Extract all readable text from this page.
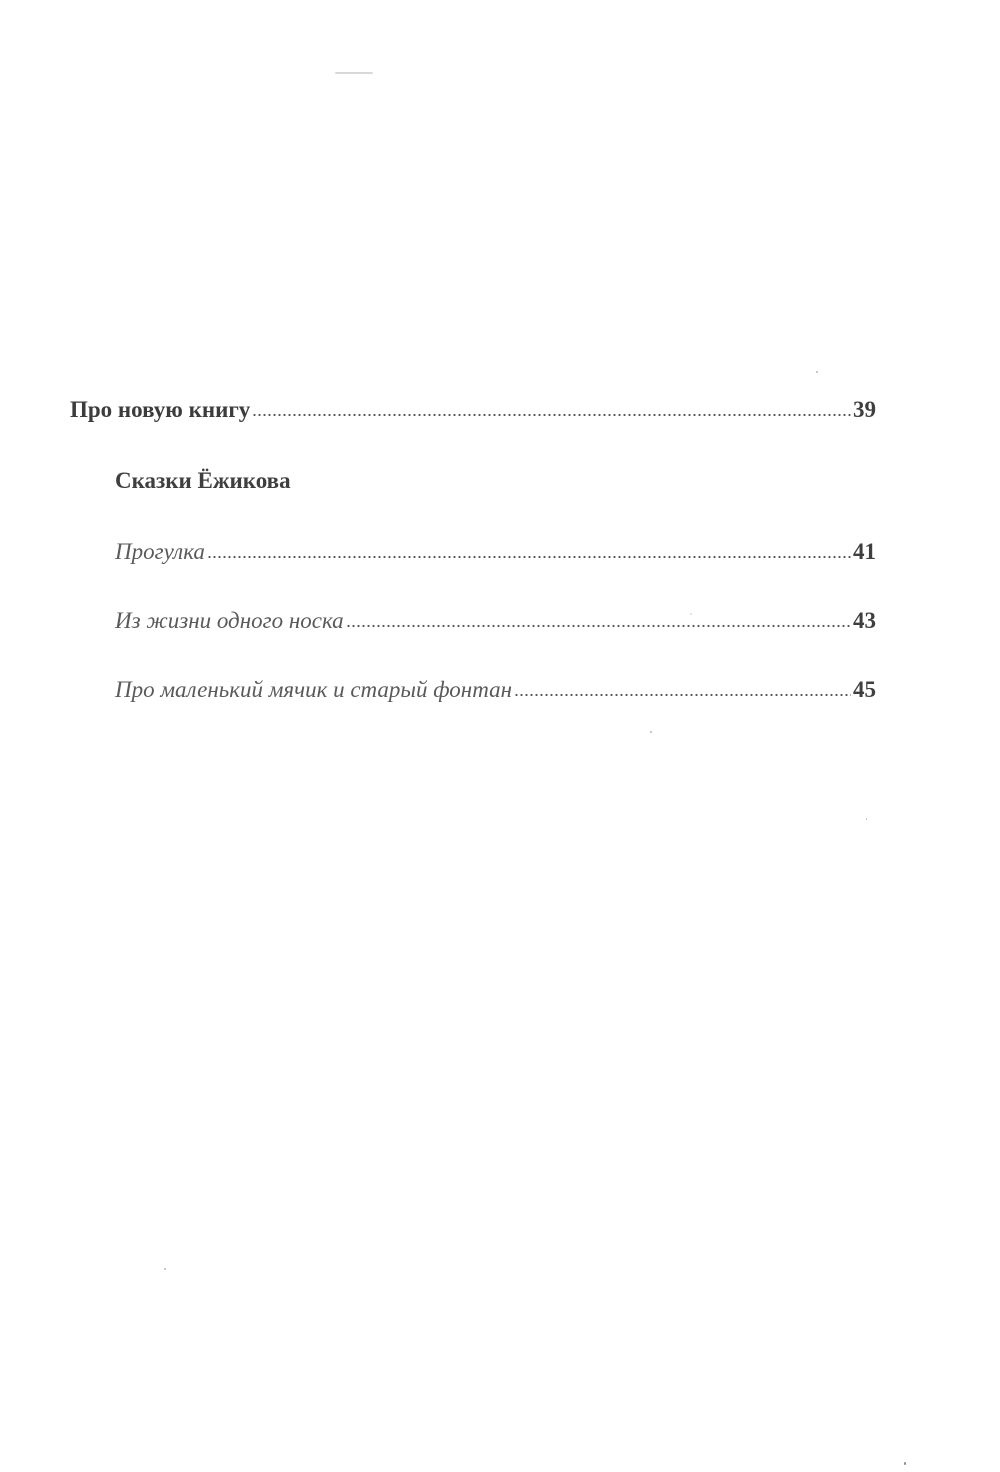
Про новую книгу	39
Сказки Ёжикова
Прогулка	41
Из жизни одного носка	43
Про маленький мячик и старый фонтан	45
